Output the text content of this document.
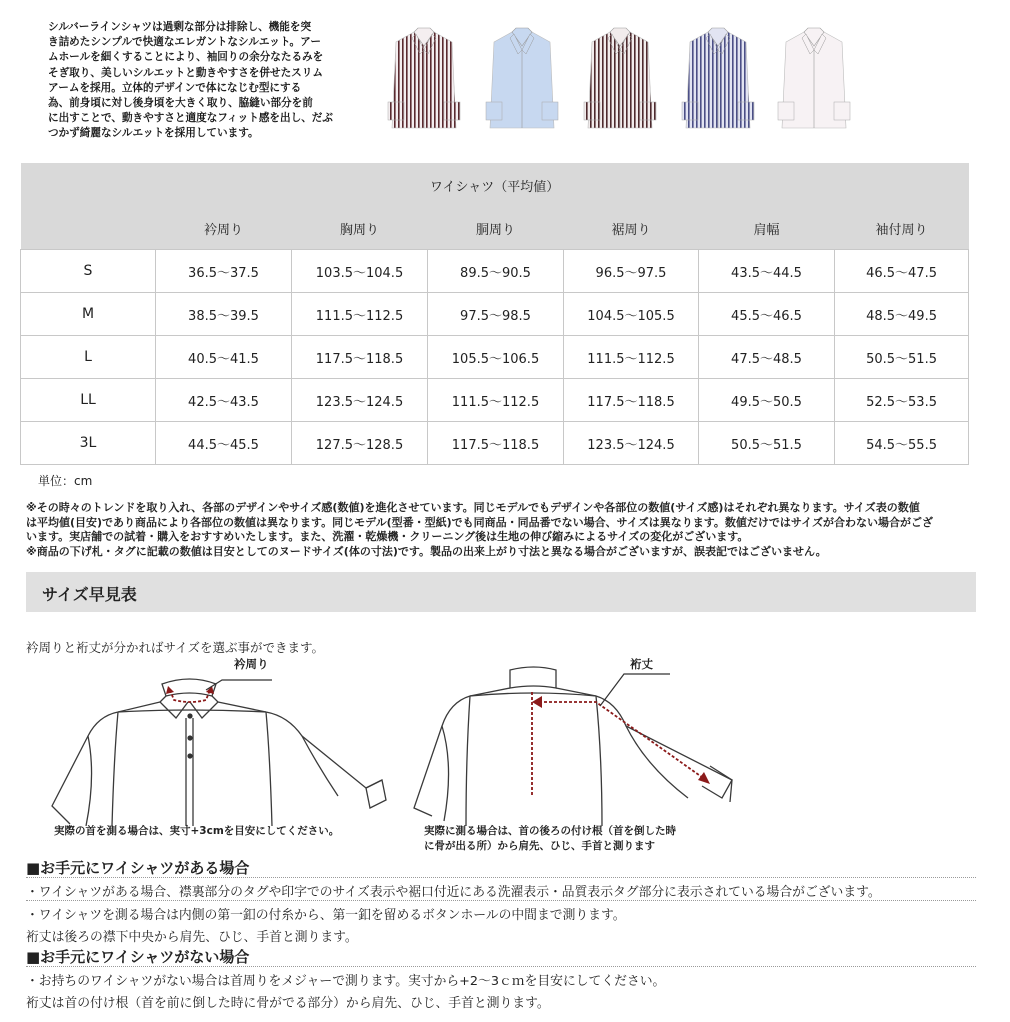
シルバーラインシャツは過剰な部分は排除し、機能を突
き詰めたシンプルで快適なエレガントなシルエット。アー
ムホールを細くすることにより、袖回りの余分なたるみを
そぎ取り、美しいシルエットと動きやすさを併せたスリム
アームを採用。立体的デザインで体になじむ型にする
為、前身頃に対し後身頃を大きく取り、脇縫い部分を前
に出すことで、動きやすさと適度なフィット感を出し、だぶ
つかず綺麗なシルエットを採用しています。
ワイシャツ（平均値）						
	衿周り	胸周り	胴周り	裾周り	肩幅	袖付周り
S	36.5～37.5	103.5～104.5	89.5～90.5	96.5～97.5	43.5～44.5	46.5～47.5
M	38.5～39.5	111.5～112.5	97.5～98.5	104.5～105.5	45.5～46.5	48.5～49.5
L	40.5～41.5	117.5～118.5	105.5～106.5	111.5～112.5	47.5～48.5	50.5～51.5
LL	42.5～43.5	123.5～124.5	111.5～112.5	117.5～118.5	49.5～50.5	52.5～53.5
3L	44.5～45.5	127.5～128.5	117.5～118.5	123.5～124.5	50.5～51.5	54.5～55.5
単位：cm
※その時々のトレンドを取り入れ、各部のデザインやサイズ感(数値)を進化させています。同じモデルでもデザインや各部位の数値(サイズ感)はそれぞれ異なります。サイズ表の数値
は平均値(目安)であり商品により各部位の数値は異なります。同じモデル(型番・型紙)でも同商品・同品番でない場合、サイズは異なります。数値だけではサイズが合わない場合がござ
います。実店舗での試着・購入をおすすめいたします。また、洗濯・乾燥機・クリーニング後は生地の伸び縮みによるサイズの変化がございます。
※商品の下げ札・タグに記載の数値は目安としてのヌードサイズ(体の寸法)です。製品の出来上がり寸法と異なる場合がございますが、誤表記ではございません。
サイズ早見表
衿周りと裄丈が分かればサイズを選ぶ事ができます。
衿周り
実際の首を測る場合は、実寸+3cmを目安にしてください。
裄丈
実際に測る場合は、首の後ろの付け根（首を倒した時
に骨が出る所）から肩先、ひじ、手首と測ります
■お手元にワイシャツがある場合
・ワイシャツがある場合、襟裏部分のタグや印字でのサイズ表示や裾口付近にある洗濯表示・品質表示タグ部分に表示されている場合がございます。
・ワイシャツを測る場合は内側の第一釦の付糸から、第一釦を留めるボタンホールの中間まで測ります。
裄丈は後ろの襟下中央から肩先、ひじ、手首と測ります。
■お手元にワイシャツがない場合
・お持ちのワイシャツがない場合は首周りをメジャーで測ります。実寸から+2～3ｃｍを目安にしてください。
裄丈は首の付け根（首を前に倒した時に骨がでる部分）から肩先、ひじ、手首と測ります。
